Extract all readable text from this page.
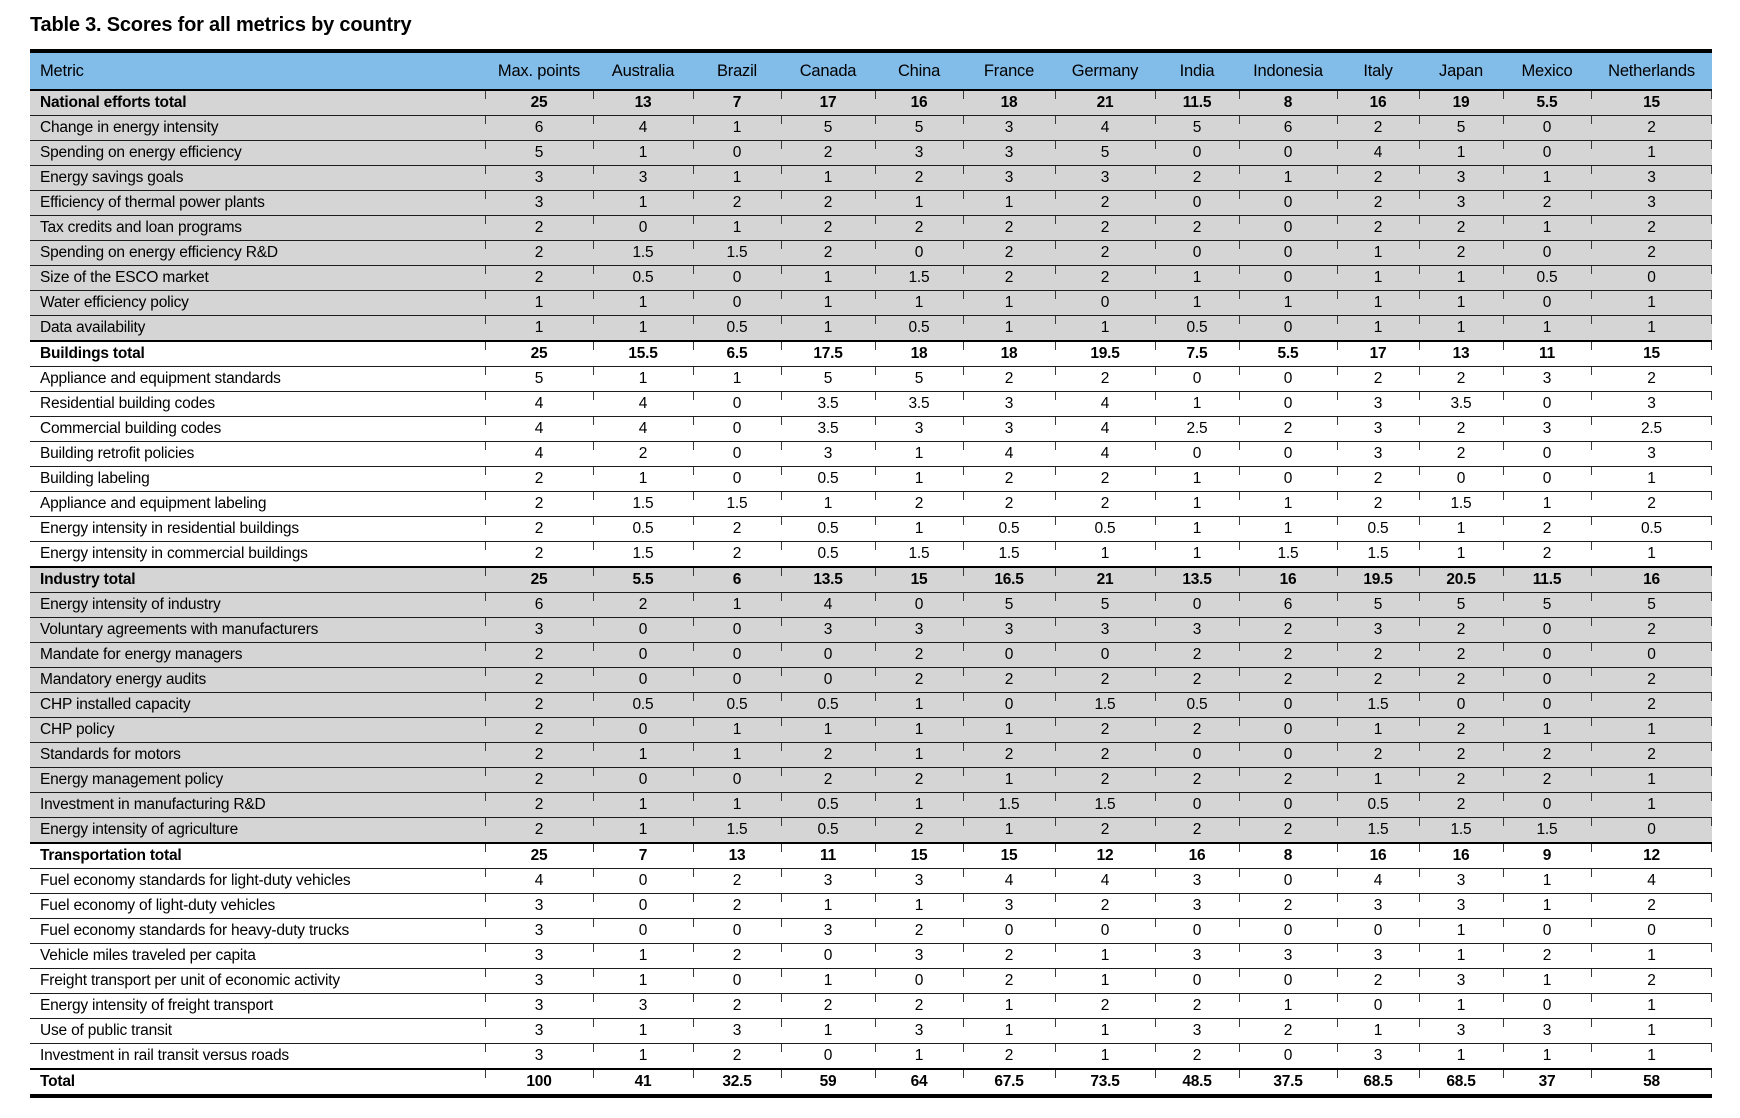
Table 3. Scores for all metrics by country
Metric	Max. points	Australia	Brazil	Canada	China	France	Germany	India	Indonesia	Italy	Japan	Mexico	Netherlands
National efforts total	25	13	7	17	16	18	21	11.5	8	16	19	5.5	15
Change in energy intensity	6	4	1	5	5	3	4	5	6	2	5	0	2
Spending on energy efficiency	5	1	0	2	3	3	5	0	0	4	1	0	1
Energy savings goals	3	3	1	1	2	3	3	2	1	2	3	1	3
Efficiency of thermal power plants	3	1	2	2	1	1	2	0	0	2	3	2	3
Tax credits and loan programs	2	0	1	2	2	2	2	2	0	2	2	1	2
Spending on energy efficiency R&D	2	1.5	1.5	2	0	2	2	0	0	1	2	0	2
Size of the ESCO market	2	0.5	0	1	1.5	2	2	1	0	1	1	0.5	0
Water efficiency policy	1	1	0	1	1	1	0	1	1	1	1	0	1
Data availability	1	1	0.5	1	0.5	1	1	0.5	0	1	1	1	1
Buildings total	25	15.5	6.5	17.5	18	18	19.5	7.5	5.5	17	13	11	15
Appliance and equipment standards	5	1	1	5	5	2	2	0	0	2	2	3	2
Residential building codes	4	4	0	3.5	3.5	3	4	1	0	3	3.5	0	3
Commercial building codes	4	4	0	3.5	3	3	4	2.5	2	3	2	3	2.5
Building retrofit policies	4	2	0	3	1	4	4	0	0	3	2	0	3
Building labeling	2	1	0	0.5	1	2	2	1	0	2	0	0	1
Appliance and equipment labeling	2	1.5	1.5	1	2	2	2	1	1	2	1.5	1	2
Energy intensity in residential buildings	2	0.5	2	0.5	1	0.5	0.5	1	1	0.5	1	2	0.5
Energy intensity in commercial buildings	2	1.5	2	0.5	1.5	1.5	1	1	1.5	1.5	1	2	1
Industry total	25	5.5	6	13.5	15	16.5	21	13.5	16	19.5	20.5	11.5	16
Energy intensity of industry	6	2	1	4	0	5	5	0	6	5	5	5	5
Voluntary agreements with manufacturers	3	0	0	3	3	3	3	3	2	3	2	0	2
Mandate for energy managers	2	0	0	0	2	0	0	2	2	2	2	0	0
Mandatory energy audits	2	0	0	0	2	2	2	2	2	2	2	0	2
CHP installed capacity	2	0.5	0.5	0.5	1	0	1.5	0.5	0	1.5	0	0	2
CHP policy	2	0	1	1	1	1	2	2	0	1	2	1	1
Standards for motors	2	1	1	2	1	2	2	0	0	2	2	2	2
Energy management policy	2	0	0	2	2	1	2	2	2	1	2	2	1
Investment in manufacturing R&D	2	1	1	0.5	1	1.5	1.5	0	0	0.5	2	0	1
Energy intensity of agriculture	2	1	1.5	0.5	2	1	2	2	2	1.5	1.5	1.5	0
Transportation total	25	7	13	11	15	15	12	16	8	16	16	9	12
Fuel economy standards for light-duty vehicles	4	0	2	3	3	4	4	3	0	4	3	1	4
Fuel economy of light-duty vehicles	3	0	2	1	1	3	2	3	2	3	3	1	2
Fuel economy standards for heavy-duty trucks	3	0	0	3	2	0	0	0	0	0	1	0	0
Vehicle miles traveled per capita	3	1	2	0	3	2	1	3	3	3	1	2	1
Freight transport per unit of economic activity	3	1	0	1	0	2	1	0	0	2	3	1	2
Energy intensity of freight transport	3	3	2	2	2	1	2	2	1	0	1	0	1
Use of public transit	3	1	3	1	3	1	1	3	2	1	3	3	1
Investment in rail transit versus roads	3	1	2	0	1	2	1	2	0	3	1	1	1
Total	100	41	32.5	59	64	67.5	73.5	48.5	37.5	68.5	68.5	37	58
